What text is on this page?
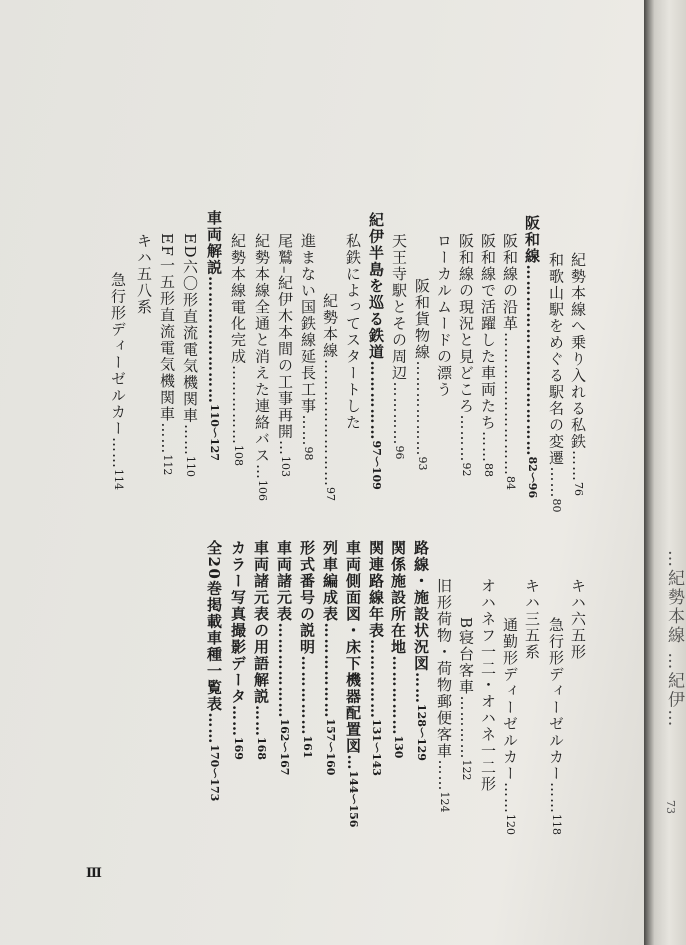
紀勢本線へ乗り入れる私鉄……76
和歌山駅をめぐる駅名の変遷……80
阪和線………………………………82〜96
阪和線の沿革………………………84
阪和線で活躍した車両たち……88
阪和線の現況と見どころ………92
ローカルムードの漂う
阪和貨物線………………93
天王寺駅とその周辺…………96
紀伊半島を巡る鉄道……………97〜109
私鉄によってスタートした
紀勢本線……………………97
進まない国鉄線延長工事……98
尾鷲–紀伊木本間の工事再開…103
紀勢本線全通と消えた連絡バス…106
紀勢本線電化完成……………108
車両解説……………………110〜127
ED六〇形直流電気機関車……110
EF一五形直流電気機関車……112
キハ五八系
急行形ディーゼルカー……114
キハ六五形
急行形ディーゼルカー……118
キハ三五系
通勤形ディーゼルカー……120
オハネフ一二・オハネ一二形
B寝台客車…………122
旧形荷物・荷物郵便客車……124
路線・施設状況図……128〜129
関係施設所在地……………130
関連路線年表……………131〜143
車両側面図・床下機器配置図…144〜156
列車編成表………………157〜160
形式番号の説明……………161
車両諸元表………………162〜167
車両諸元表の用語解説……168
カラー写真撮影データ……169
全20巻掲載車種一覧表……170〜173
Ⅲ
…紀勢本線 …紀伊…
73
